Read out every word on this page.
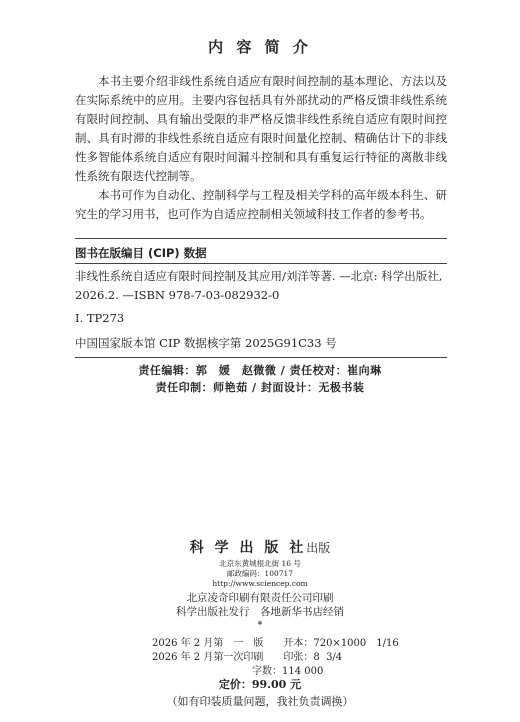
内 容 简 介

本书主要介绍非线性系统自适应有限时间控制的基本理论、方法以及在实际系统中的应用。主要内容包括具有外部扰动的严格反馈非线性系统有限时间控制、具有输出受限的非严格反馈非线性系统自适应有限时间控制、具有时滞的非线性系统自适应有限时间量化控制、精确估计下的非线性多智能体系统自适应有限时间漏斗控制和具有重复运行特征的离散非线性系统有限迭代控制等。

本书可作为自动化、控制科学与工程及相关学科的高年级本科生、研究生的学习用书，也可作为自适应控制相关领域科技工作者的参考书。

图书在版编目 (CIP) 数据
非线性系统自适应有限时间控制及其应用/刘洋等著. —北京: 科学出版社, 2026.2. —ISBN 978-7-03-082932-0
Ⅰ. TP273
中国国家版本馆 CIP 数据核字第 2025G91C33 号
责任编辑：郭　媛　赵微微 / 责任校对：崔向琳
责任印制：师艳茹 / 封面设计：无极书装
科 学 出 版 社出版
北京东黄城根北街 16 号
邮政编码：100717
http://www.sciencep.com
北京凌奇印刷有限责任公司印刷
科学出版社发行　各地新华书店经销
*
2026 年 2 月第　一　版　　开本：720×1000　1/16
2026 年 2 月第一次印刷　　印张：8  3/4
　　　　　　　　　　字数：114 000
定价：99.00 元
（如有印装质量问题，我社负责调换）
